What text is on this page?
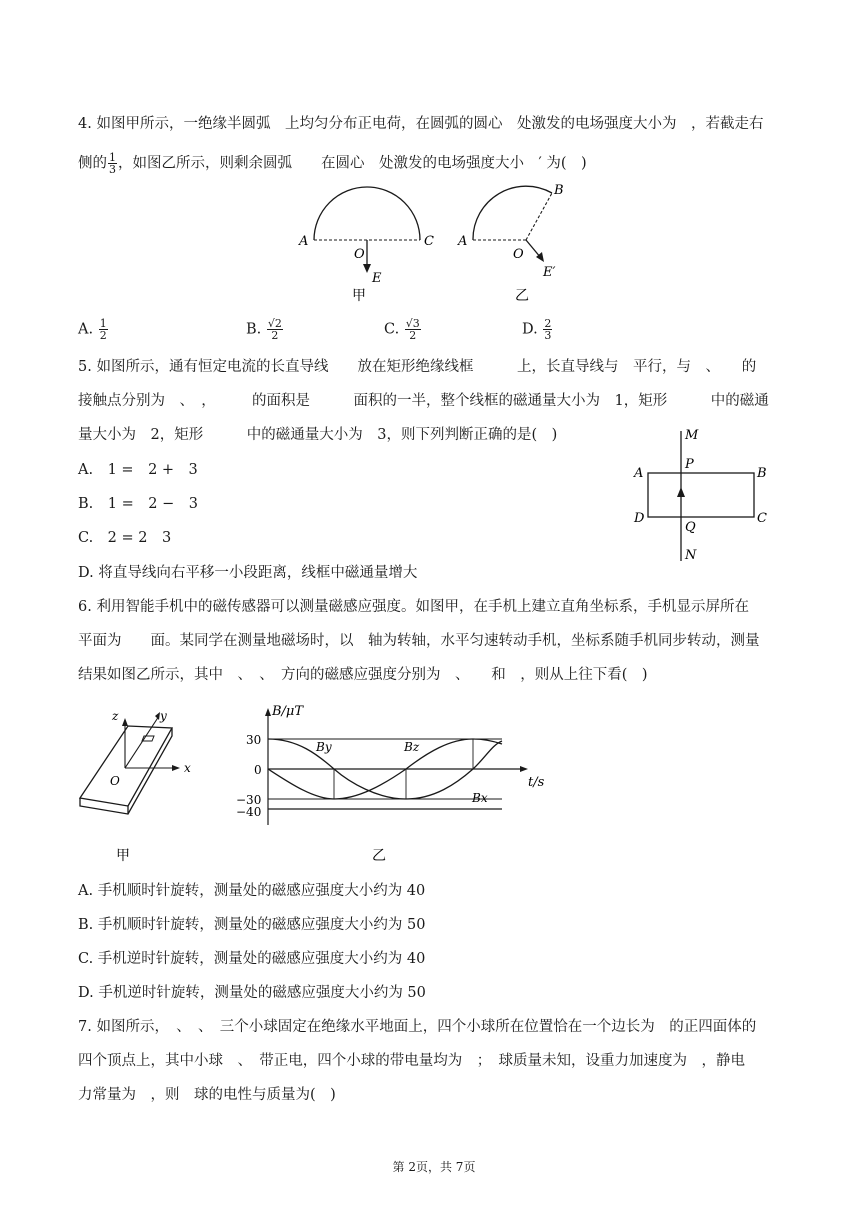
4. 如图甲所示，一绝缘半圆弧　上均匀分布正电荷，在圆弧的圆心　处激发的电场强度大小为　，若截走右
侧的 $\frac{1}{3}$ ，如图乙所示，则剩余圆弧　　在圆心　处激发的电场强度大小　′ 为(　)
A
O
C
E
甲
A
O
B
E′
乙
A. $\frac{1}{2}$	B. $\frac{√2}{2}$	C. $\frac{√3}{2}$	D. $\frac{2}{3}$
5. 如图所示，通有恒定电流的长直导线　　放在矩形绝缘线框　　　上，长直导线与　平行，与　、　　的
接触点分别为　、　，　　　的面积是　　　面积的一半，整个线框的磁通量大小为　1，矩形　　　中的磁通
量大小为　2，矩形　　　中的磁通量大小为　3，则下列判断正确的是(　)
A.　1 =　2 +　3
B.　1 =　2 −　3
C.　2 = 2　3
D. 将直导线向右平移一小段距离，线框中磁通量增大
M
P
A	B
D
Q
C
N
6. 利用智能手机中的磁传感器可以测量磁感应强度。如图甲，在手机上建立直角坐标系，手机显示屏所在
平面为　　面。某同学在测量地磁场时，以　轴为转轴，水平匀速转动手机，坐标系随手机同步转动，测量
结果如图乙所示，其中　、　、　方向的磁感应强度分别为　、　　和　，则从上往下看(　)
z	y
x
O
甲
B/μT
t/s
30
0
−30
−40
By	Bz
Bx
乙
A. 手机顺时针旋转，测量处的磁感应强度大小约为 40
B. 手机顺时针旋转，测量处的磁感应强度大小约为 50
C. 手机逆时针旋转，测量处的磁感应强度大小约为 40
D. 手机逆时针旋转，测量处的磁感应强度大小约为 50
7. 如图所示，　、　、　三个小球固定在绝缘水平地面上，四个小球所在位置恰在一个边长为　的正四面体的
四个顶点上，其中小球　、　带正电，四个小球的带电量均为　；　球质量未知，设重力加速度为　，静电
力常量为　，则　球的电性与质量为(　)
第 2页，共 7页
